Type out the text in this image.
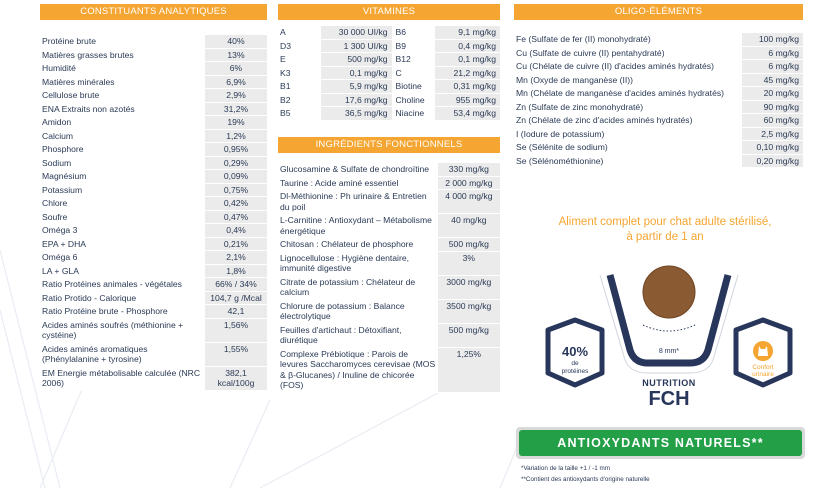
CONSTITUANTS ANALYTIQUES
Protéine brute	40%
Matières grasses brutes	13%
Humidité	6%
Matières minérales	6,9%
Cellulose brute	2,9%
ENA Extraits non azotés	31,2%
Amidon	19%
Calcium	1,2%
Phosphore	0,95%
Sodium	0,29%
Magnésium	0,09%
Potassium	0,75%
Chlore	0,42%
Soufre	0,47%
Oméga 3	0,4%
EPA + DHA	0,21%
Oméga 6	2,1%
LA + GLA	1,8%
Ratio Protéines animales - végétales	66% / 34%
Ratio Protido - Calorique	104,7 g /Mcal
Ratio Protéine brute - Phosphore	42,1
Acides aminés soufrés (méthionine + cystéine)	1,56%
Acides aminés aromatiques (Phénylalanine + tyrosine)	1,55%
EM Energie métabolisable calculée (NRC 2006)	382,1 kcal/100g
VITAMINES
A	30 000 UI/kg	B6	9,1 mg/kg
D3	1 300 UI/kg	B9	0,4 mg/kg
E	500 mg/kg	B12	0,1 mg/kg
K3	0,1 mg/kg	C	21,2 mg/kg
B1	5,9 mg/kg	Biotine	0,31 mg/kg
B2	17,6 mg/kg	Choline	955 mg/kg
B5	36,5 mg/kg	Niacine	53,4 mg/kg
INGRÉDIENTS FONCTIONNELS
Glucosamine & Sulfate de chondroïtine	330 mg/kg
Taurine : Acide aminé essentiel	2 000 mg/kg
Dl-Méthionine : Ph urinaire & Entretien du poil	4 000 mg/kg
L-Carnitine : Antioxydant – Métabolisme énergétique	40 mg/kg
Chitosan : Chélateur de phosphore	500 mg/kg
Lignocellulose : Hygiène dentaire, immunité digestive	3%
Citrate de potassium : Chélateur de calcium	3000 mg/kg
Chlorure de potassium : Balance électrolytique	3500 mg/kg
Feuilles d'artichaut : Détoxifiant, diurétique	500 mg/kg
Complexe Prébiotique : Parois de levures Saccharomyces cerevisae (MOS & β-Glucanes) / Inuline de chicorée (FOS)	1,25%
OLIGO-ÉLÉMENTS
Fe (Sulfate de fer (II) monohydraté)	100 mg/kg
Cu (Sulfate de cuivre (II) pentahydraté)	6 mg/kg
Cu (Chélate de cuivre (II) d'acides aminés hydratés)	6 mg/kg
Mn (Oxyde de manganèse (II))	45 mg/kg
Mn (Chélate de manganèse d'acides aminés hydratés)	20 mg/kg
Zn (Sulfate de zinc monohydraté)	90 mg/kg
Zn (Chélate de zinc d'acides aminés hydratés)	60 mg/kg
I (Iodure de potassium)	2,5 mg/kg
Se (Sélénite de sodium)	0,10 mg/kg
Se (Sélénométhionine)	0,20 mg/kg
Aliment complet pour chat adulte stérilisé,
à partir de 1 an
8 mm*
40%
de
protéines
Confort
urinaire
NUTRITION
FCH
ANTIOXYDANTS NATURELS**
*Variation de la taille +1 / -1 mm
**Contient des antioxydants d'origine naturelle
